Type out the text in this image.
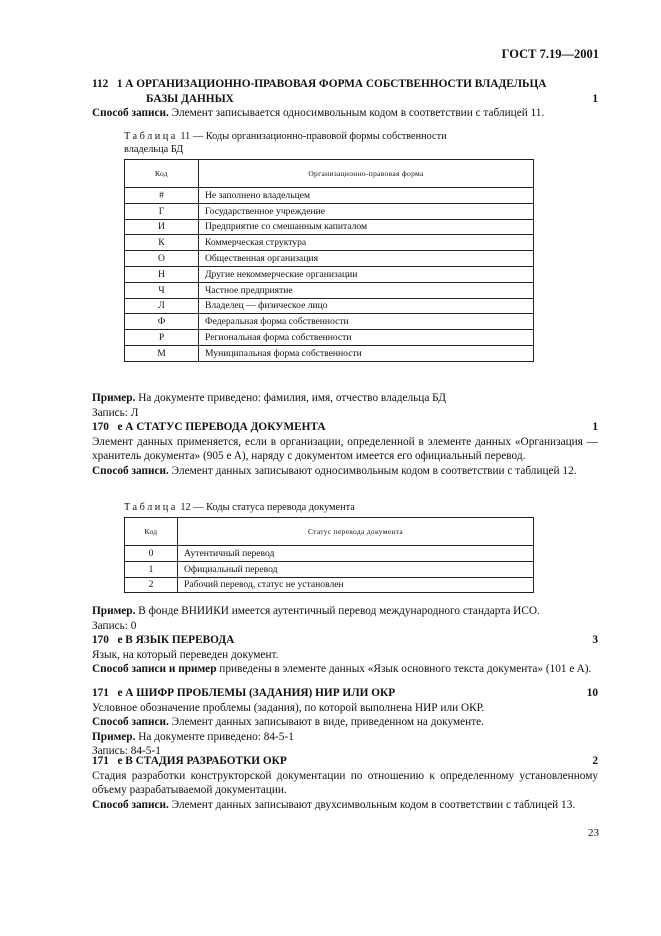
ГОСТ 7.19—2001
112 1 А ОРГАНИЗАЦИОННО-ПРАВОВАЯ ФОРМА СОБСТВЕННОСТИ ВЛАДЕЛЬЦА
БАЗЫ ДАННЫХ	1

Способ записи. Элемент записывается односимвольным кодом в соответствии с таблицей 11.

Таблица 11 — Коды организационно-правовой формы собственности
владельца БД
Код	Организационно-правовая форма
#	Не заполнено владельцем
Г	Государственное учреждение
И	Предприятие со смешанным капиталом
К	Коммерческая структура
О	Общественная организация
Н	Другие некоммерческие организации
Ч	Частное предприятие
Л	Владелец — физическое лицо
Ф	Федеральная форма собственности
Р	Региональная форма собственности
М	Муниципальная форма собственности

Пример. На документе приведено: фамилия, имя, отчество владельца БД

Запись: Л

170 e А СТАТУС ПЕРЕВОДА ДОКУМЕНТА	1

Элемент данных применяется, если в организации, определенной в элементе данных «Организация — хранитель документа» (905 e A), наряду с документом имеется его официальный перевод.

Способ записи. Элемент данных записывают односимвольным кодом в соответствии с таблицей 12.

Таблица 12 — Коды статуса перевода документа
Код	Статус перевода документа
0	Аутентичный перевод
1	Официальный перевод
2	Рабочий перевод, статус не установлен

Пример. В фонде ВНИИКИ имеется аутентичный перевод международного стандарта ИСО.

Запись: 0

170 e В ЯЗЫК ПЕРЕВОДА	3

Язык, на который переведен документ.

Способ записи и пример приведены в элементе данных «Язык основного текста документа» (101 e A).

171 e А ШИФР ПРОБЛЕМЫ (ЗАДАНИЯ) НИР ИЛИ ОКР	10

Условное обозначение проблемы (задания), по которой выполнена НИР или ОКР.

Способ записи. Элемент данных записывают в виде, приведенном на документе.

Пример. На документе приведено: 84-5-1

Запись: 84-5-1

171 e В СТАДИЯ РАЗРАБОТКИ ОКР	2

Стадия разработки конструкторской документации по отношению к определенному установленному объему разрабатываемой документации.

Способ записи. Элемент данных записывают двухсимвольным кодом в соответствии с таблицей 13.

23
